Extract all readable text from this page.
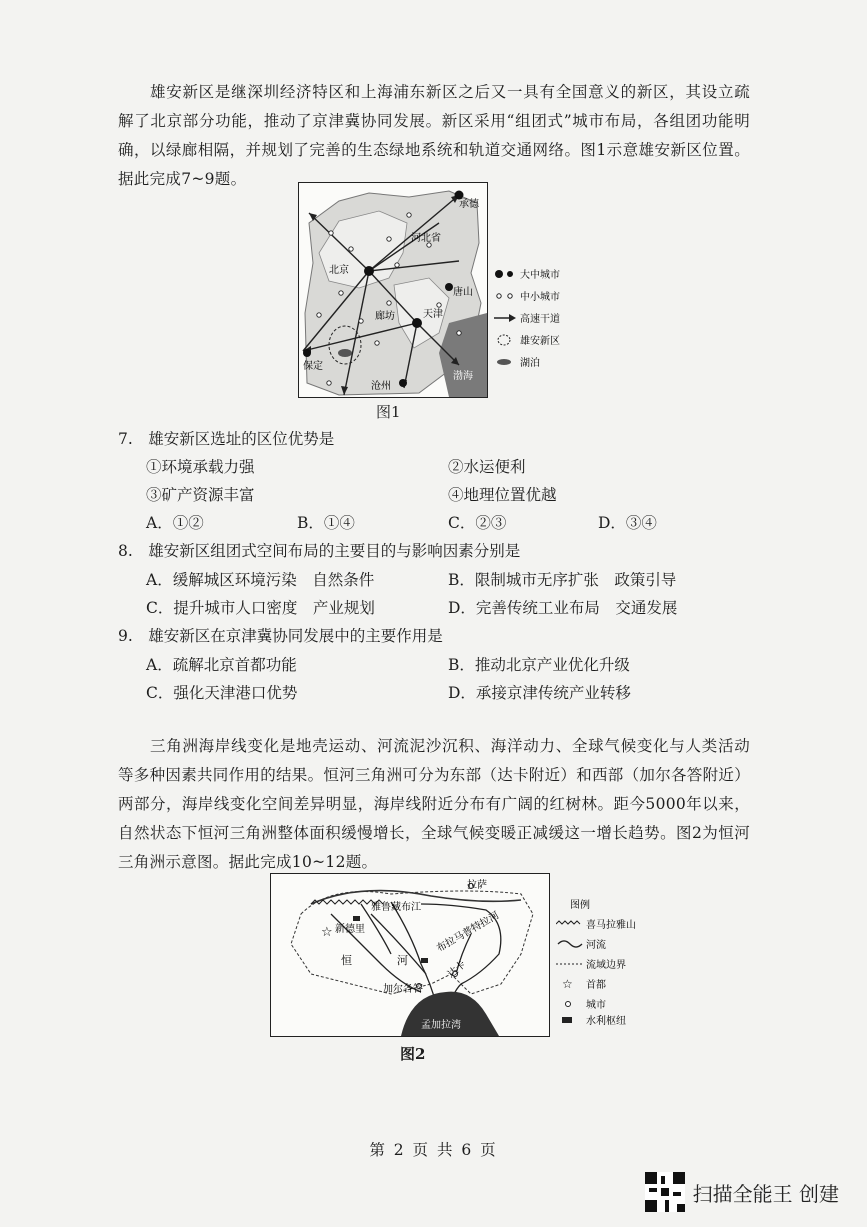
雄安新区是继深圳经济特区和上海浦东新区之后又一具有全国意义的新区，其设立疏解了北京部分功能，推动了京津冀协同发展。新区采用“组团式”城市布局，各组团功能明确，以绿廊相隔，并规划了完善的生态绿地系统和轨道交通网络。图1示意雄安新区位置。据此完成7~9题。

承德
河北省
北京
唐山
廊坊	天津
保定
沧州
渤海
大中城市
中小城市
高速干道
雄安新区
湖泊
图1
7.　雄安新区选址的区位优势是
①环境承载力强	②水运便利
③矿产资源丰富	④地理位置优越
A．①②	B．①④	C．②③	D．③④
8.　雄安新区组团式空间布局的主要目的与影响因素分别是
A．缓解城区环境污染　自然条件	B．限制城市无序扩张　政策引导
C．提升城市人口密度　产业规划	D．完善传统工业布局　交通发展
9.　雄安新区在京津冀协同发展中的主要作用是
A．疏解北京首都功能	B．推动北京产业优化升级
C．强化天津港口优势	D．承接京津传统产业转移

三角洲海岸线变化是地壳运动、河流泥沙沉积、海洋动力、全球气候变化与人类活动等多种因素共同作用的结果。恒河三角洲可分为东部（达卡附近）和西部（加尔各答附近）两部分，海岸线变化空间差异明显，海岸线附近分布有广阔的红树林。距今5000年以来，自然状态下恒河三角洲整体面积缓慢增长，全球气候变暖正减缓这一增长趋势。图2为恒河三角洲示意图。据此完成10~12题。

☆
拉萨
雅鲁藏布江
新德里	布拉马普特拉河
恒	河
加尔各答
达卡
孟加拉湾
图例
喜马拉雅山
河流
流域边界
☆ 首都
城市
水利枢纽
图2
第 2 页 共 6 页
扫描全能王 创建
